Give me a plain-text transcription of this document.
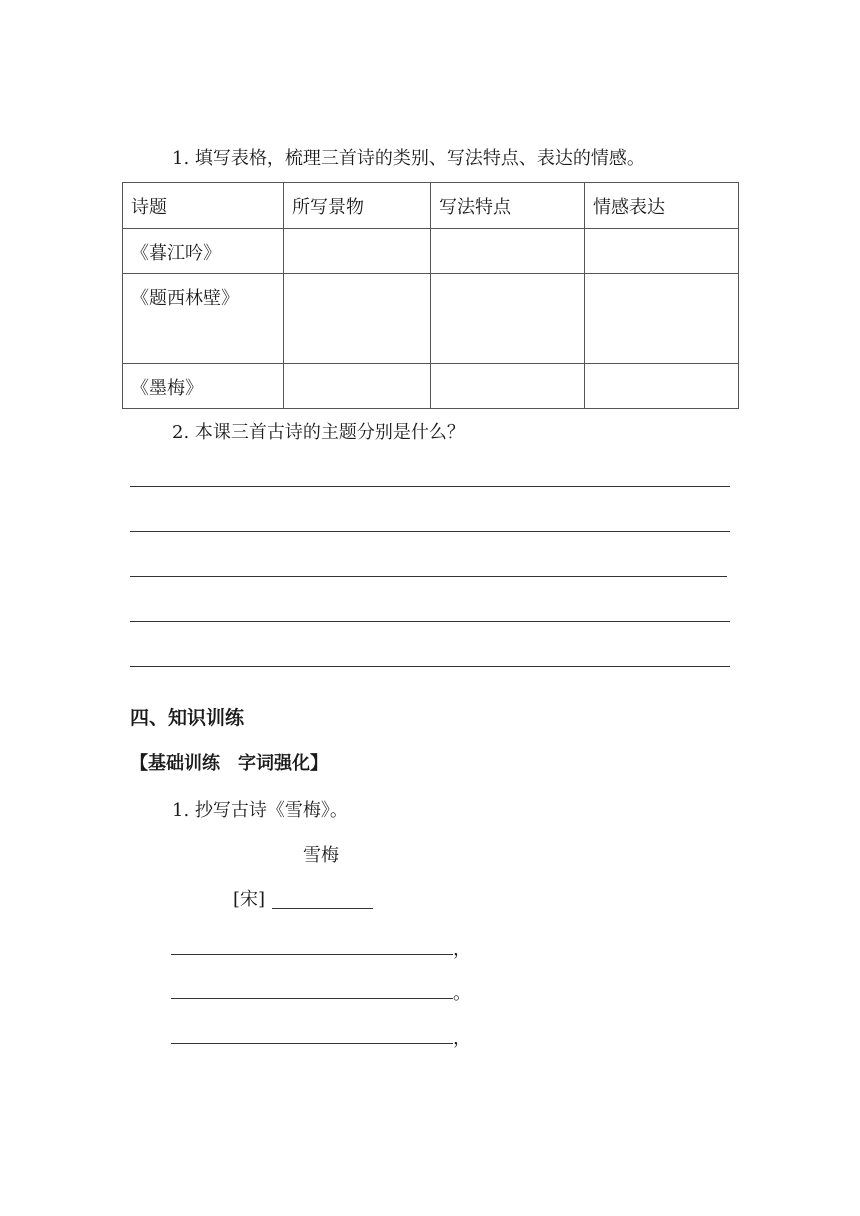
1. 填写表格，梳理三首诗的类别、写法特点、表达的情感。
诗题	所写景物	写法特点	情感表达
《暮江吟》			
《题西林壁》			
《墨梅》			
2. 本课三首古诗的主题分别是什么？
四、知识训练
【基础训练　字词强化】
1. 抄写古诗《雪梅》。
雪梅
[宋]
，
。
，
